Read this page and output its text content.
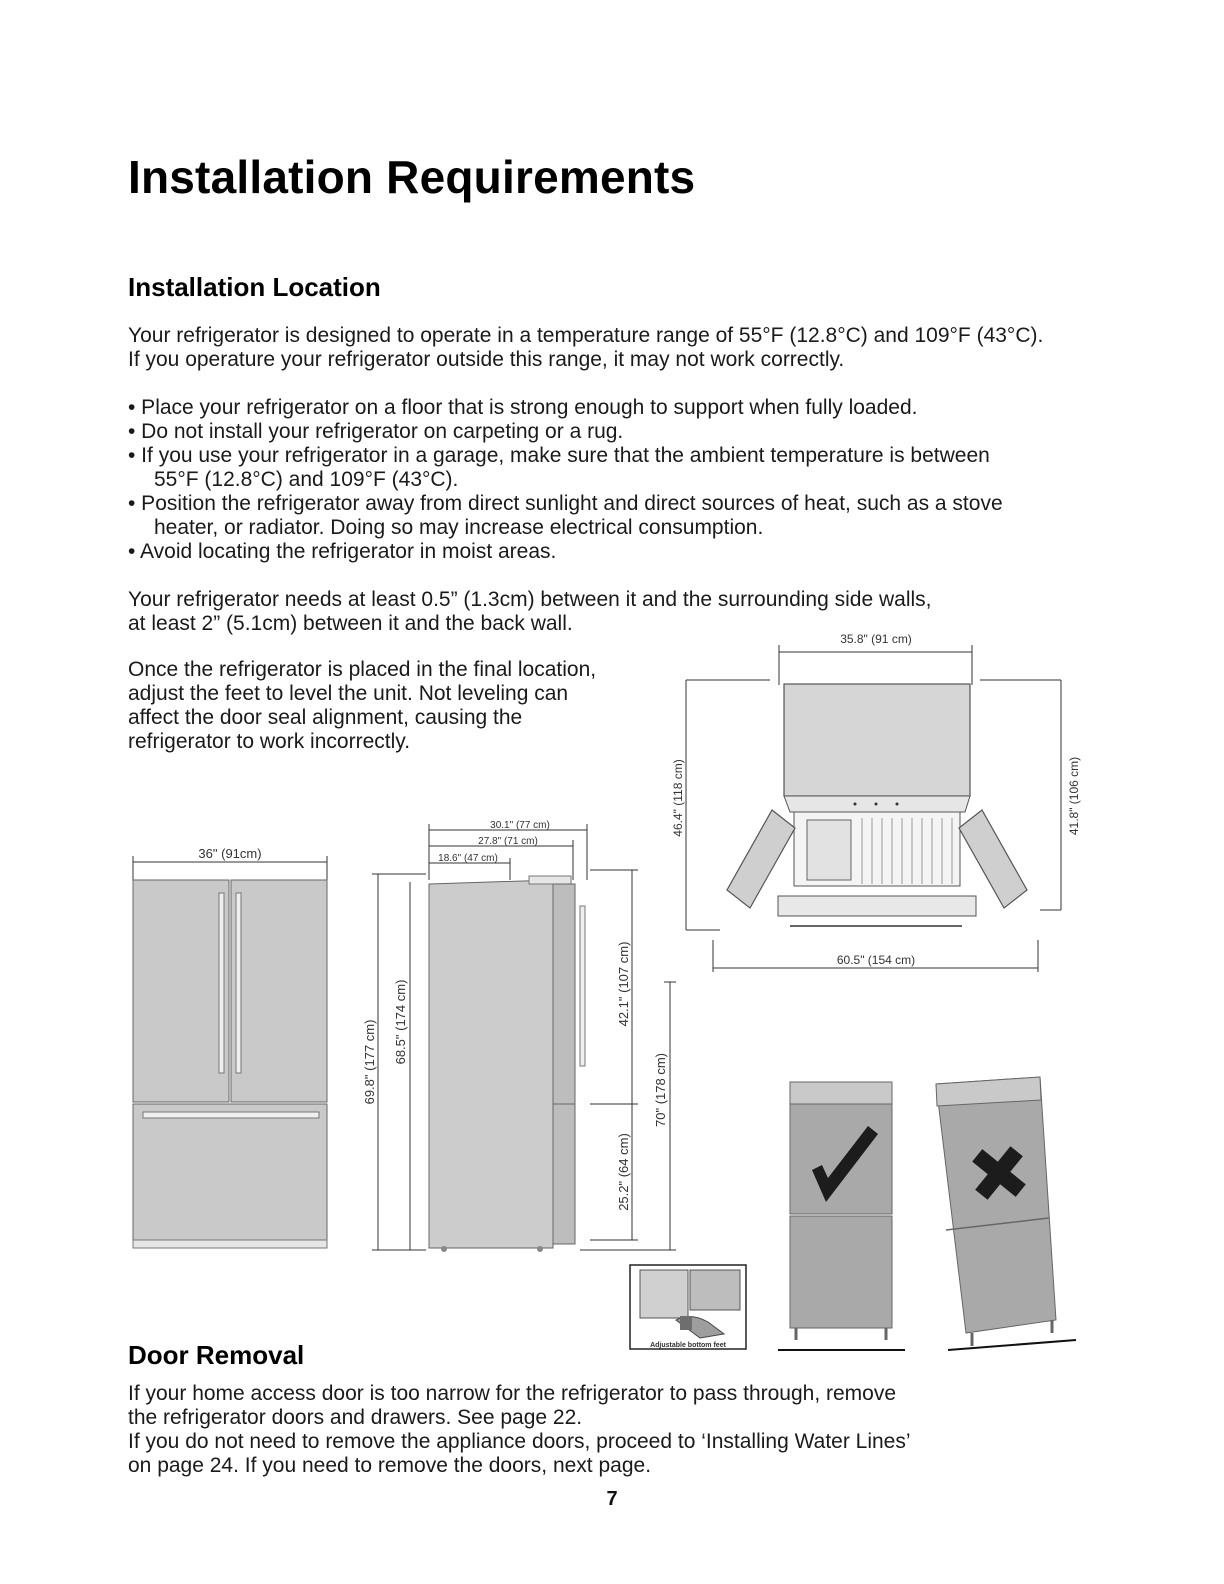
Installation Requirements
Installation Location
Your refrigerator is designed to operate in a temperature range of 55°F (12.8°C) and 109°F (43°C).
If you operature your refrigerator outside this range, it may not work correctly.
• Place your refrigerator on a floor that is strong enough to support when fully loaded.
• Do not install your refrigerator on carpeting or a rug.
• If you use your refrigerator in a garage, make sure that the ambient temperature is between
55°F (12.8°C) and 109°F (43°C).
• Position the refrigerator away from direct sunlight and direct sources of heat, such as a stove
heater, or radiator. Doing so may increase electrical consumption.
• Avoid locating the refrigerator in moist areas.
Your refrigerator needs at least 0.5” (1.3cm) between it and the surrounding side walls,
at least 2” (5.1cm) between it and the back wall.
Once the refrigerator is placed in the final location,
adjust the feet to level the unit. Not leveling can
affect the door seal alignment, causing the
refrigerator to work incorrectly.
35.8" (91 cm)
46.4" (118 cm)	41.8" (106 cm)
60.5" (154 cm)
36" (91cm)
30.1" (77 cm)
27.8" (71 cm)
18.6" (47 cm)
69.8" (177 cm) 68.5" (174 cm)	42.1" (107 cm)
70" (178 cm)
25.2" (64 cm)
Adjustable bottom feet
Door Removal
If your home access door is too narrow for the refrigerator to pass through, remove
the refrigerator doors and drawers. See page 22.
If you do not need to remove the appliance doors, proceed to ‘Installing Water Lines’
on page 24. If you need to remove the doors, next page.
7
